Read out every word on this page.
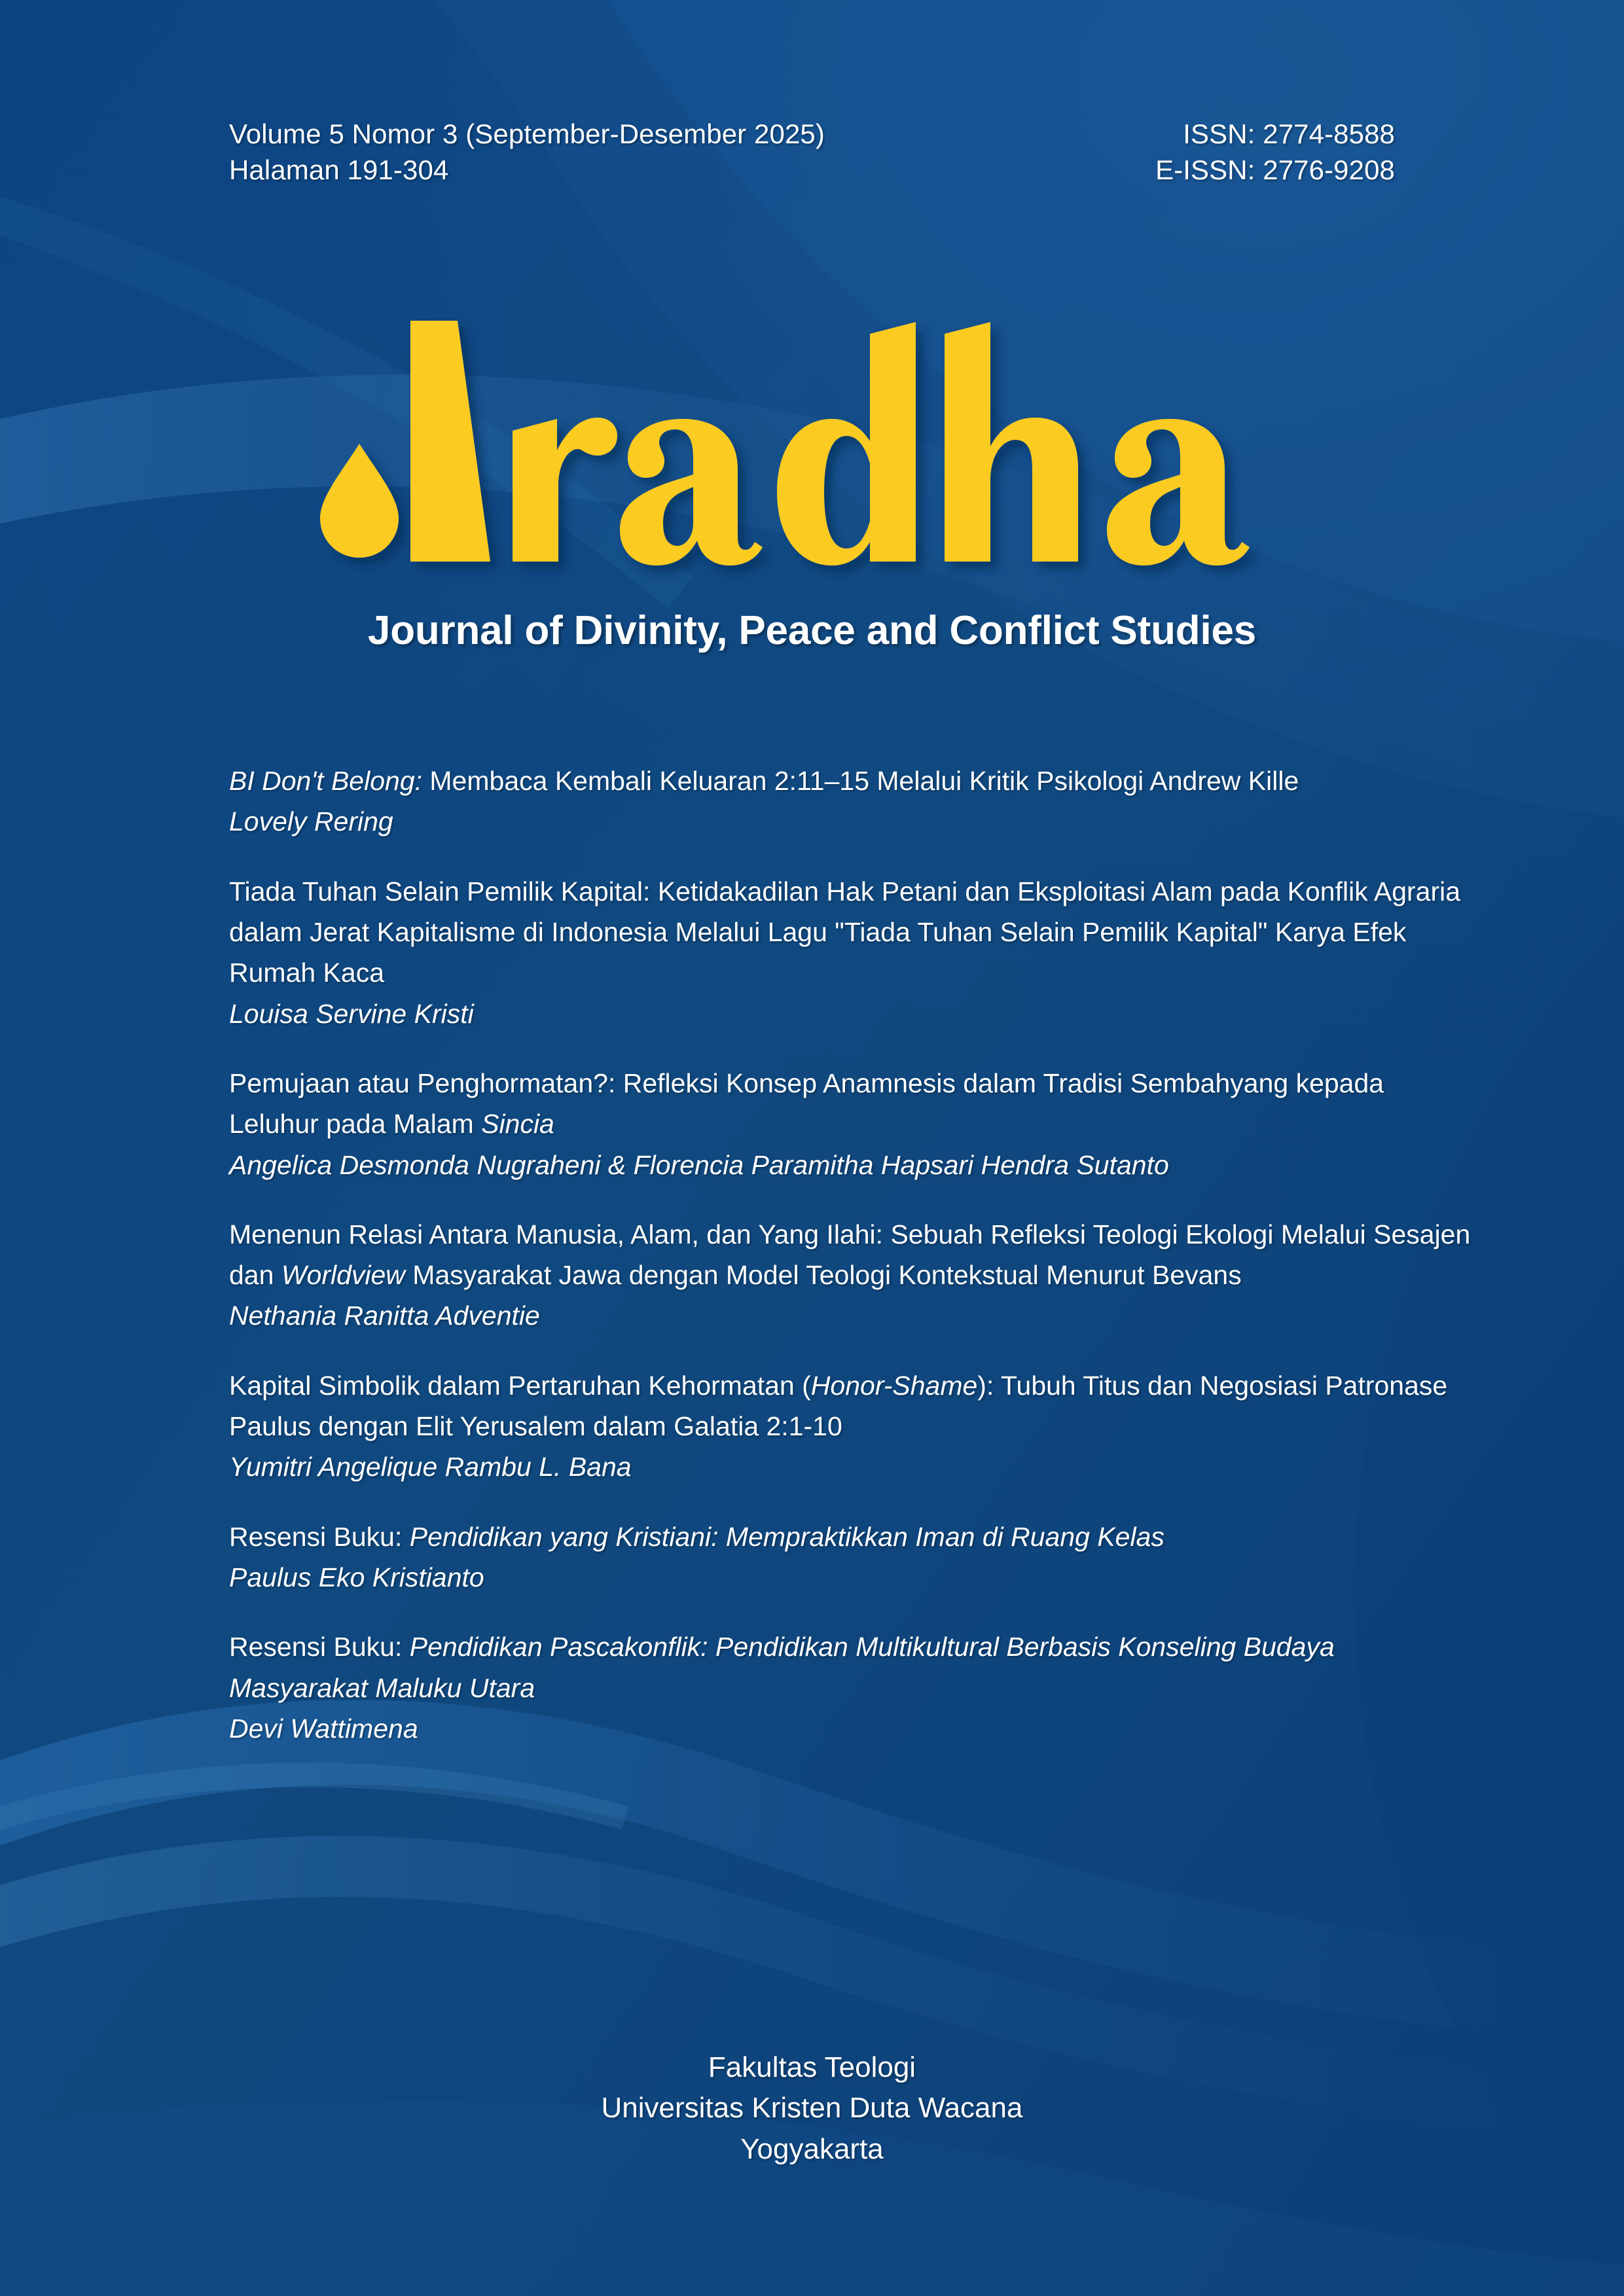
Volume 5 Nomor 3 (September-Desember 2025)
Halaman 191-304
ISSN: 2774-8588
E-ISSN: 2776-9208
Journal of Divinity, Peace and Conflict Studies
BI Don't Belong: Membaca Kembali Keluaran 2:11–15 Melalui Kritik Psikologi Andrew Kille
Lovely Rering
Tiada Tuhan Selain Pemilik Kapital: Ketidakadilan Hak Petani dan Eksploitasi Alam pada Konflik Agraria dalam Jerat Kapitalisme di Indonesia Melalui Lagu "Tiada Tuhan Selain Pemilik Kapital" Karya Efek Rumah Kaca
Louisa Servine Kristi
Pemujaan atau Penghormatan?: Refleksi Konsep Anamnesis dalam Tradisi Sembahyang kepada Leluhur pada Malam Sincia
Angelica Desmonda Nugraheni & Florencia Paramitha Hapsari Hendra Sutanto
Menenun Relasi Antara Manusia, Alam, dan Yang Ilahi: Sebuah Refleksi Teologi Ekologi Melalui Sesajen dan Worldview Masyarakat Jawa dengan Model Teologi Kontekstual Menurut Bevans
Nethania Ranitta Adventie
Kapital Simbolik dalam Pertaruhan Kehormatan (Honor-Shame): Tubuh Titus dan Negosiasi Patronase Paulus dengan Elit Yerusalem dalam Galatia 2:1-10
Yumitri Angelique Rambu L. Bana
Resensi Buku: Pendidikan yang Kristiani: Mempraktikkan Iman di Ruang Kelas
Paulus Eko Kristianto
Resensi Buku: Pendidikan Pascakonflik: Pendidikan Multikultural Berbasis Konseling Budaya Masyarakat Maluku Utara
Devi Wattimena
Fakultas Teologi
Universitas Kristen Duta Wacana
Yogyakarta
